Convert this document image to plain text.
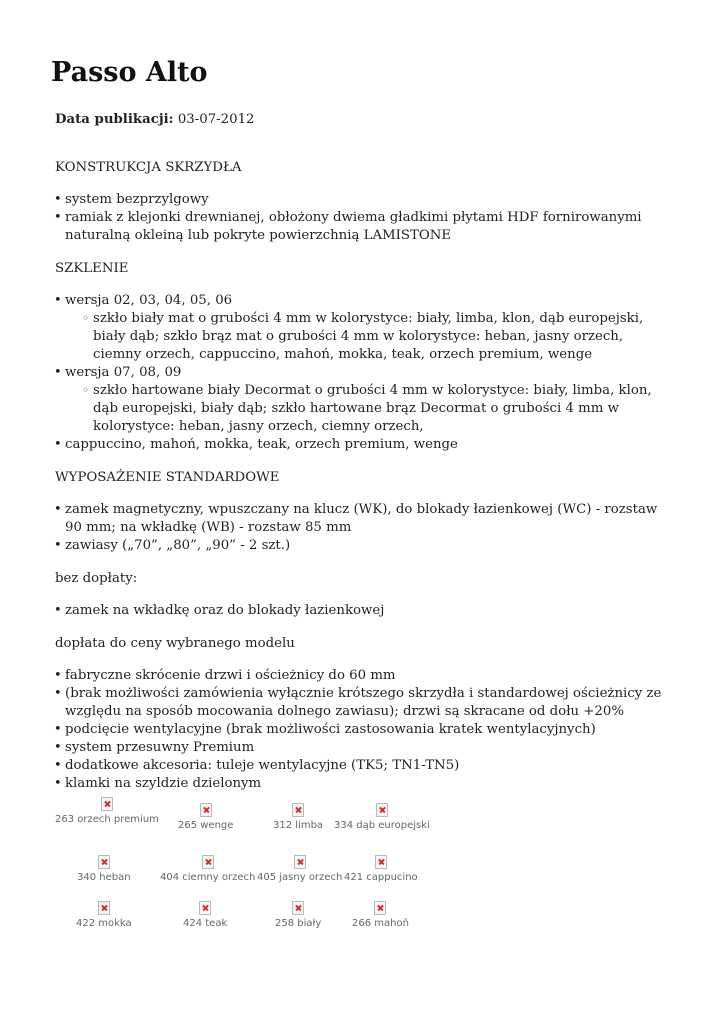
Passo Alto

Data publikacji: 03-07-2012

KONSTRUKCJA SKRZYDŁA

• system bezprzylgowy
• ramiak z klejonki drewnianej, obłożony dwiema gładkimi płytami HDF fornirowanymi naturalną okleiną lub pokryte powierzchnią LAMISTONE

SZKLENIE

• wersja 02, 03, 04, 05, 06
◦ szkło biały mat o grubości 4 mm w kolorystyce: biały, limba, klon, dąb europejski, biały dąb; szkło brąz mat o grubości 4 mm w kolorystyce: heban, jasny orzech, ciemny orzech, cappuccino, mahoń, mokka, teak, orzech premium, wenge
• wersja 07, 08, 09
◦ szkło hartowane biały Decormat o grubości 4 mm w kolorystyce: biały, limba, klon, dąb europejski, biały dąb; szkło hartowane brąz Decormat o grubości 4 mm w kolorystyce: heban, jasny orzech, ciemny orzech,
• cappuccino, mahoń, mokka, teak, orzech premium, wenge

WYPOSAŻENIE STANDARDOWE

• zamek magnetyczny, wpuszczany na klucz (WK), do blokady łazienkowej (WC) - rozstaw 90 mm; na wkładkę (WB) - rozstaw 85 mm
• zawiasy („70”, „80”, „90” - 2 szt.)

bez dopłaty:

• zamek na wkładkę oraz do blokady łazienkowej

dopłata do ceny wybranego modelu

• fabryczne skrócenie drzwi i ościeżnicy do 60 mm
• (brak możliwości zamówienia wyłącznie krótszego skrzydła i standardowej ościeżnicy ze względu na sposób mocowania dolnego zawiasu); drzwi są skracane od dołu +20%
• podcięcie wentylacyjne (brak możliwości zastosowania kratek wentylacyjnych)
• system przesuwny Premium
• dodatkowe akcesoria: tuleje wentylacyjne (TK5; TN1-TN5)
• klamki na szyldzie dzielonym
263 orzech premium
265 wenge	312 limba 334 dąb europejski
340 heban	404 ciemny orzech 405 jasny orzech 421 cappucino
422 mokka	424 teak	258 biały	266 mahoń
